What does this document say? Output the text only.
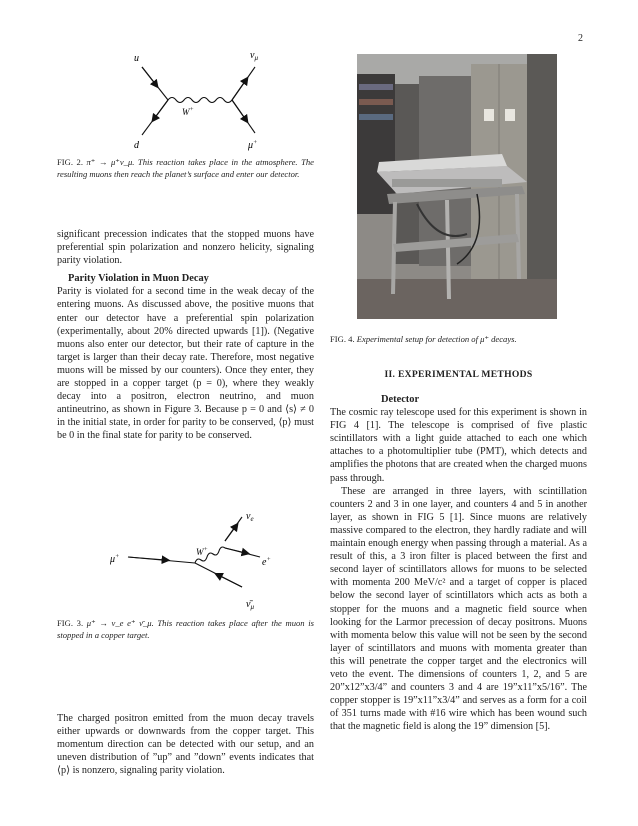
2
u	$\nu_\mu$
W+
d	μ+
FIG. 2. π⁺ → μ⁺ν_μ. This reaction takes place in the atmosphere. The resulting muons then reach the planet’s surface and enter our detector.

significant precession indicates that the stopped muons have preferential spin polarization and nonzero helicity, signaling parity violation.

Parity Violation in Muon Decay

Parity is violated for a second time in the weak decay of the entering muons. As discussed above, the positive muons that enter our detector have a preferential spin polarization (experimentally, about 20% directed upwards [1]). (Negative muons also enter our detector, but their rate of capture in the target is larger than their decay rate. Therefore, most negative muons will be missed by our counters). Once they enter, they are stopped in a copper target (p = 0), where they weakly decay into a positron, electron neutrino, and muon antineutrino, as shown in Figure 3. Because p = 0 and ⟨s⟩ ≠ 0 in the initial state, in order for parity to be conserved, ⟨p⟩ must be 0 in the final state for parity to be conserved.

μ+	W+
$\nu_e$
e+
$\nū_\mu$
FIG. 3. μ⁺ → ν_e e⁺ ν̄_μ. This reaction takes place after the muon is stopped in a copper target.

The charged positron emitted from the muon decay travels either upwards or downwards from the copper target. This momentum direction can be detected with our setup, and an uneven distribution of ”up” and ”down” events indicates that ⟨p⟩ is nonzero, signaling parity violation.

FIG. 4. Experimental setup for detection of μ⁺ decays.
II. EXPERIMENTAL METHODS

Detector

The cosmic ray telescope used for this experiment is shown in FIG 4 [1]. The telescope is comprised of five plastic scintillators with a light guide attached to each one which attaches to a photomultiplier tube (PMT), which detects and amplifies the photons that are created when the charged muons pass through.

These are arranged in three layers, with scintillation counters 2 and 3 in one layer, and counters 4 and 5 in another layer, as shown in FIG 5 [1]. Since muons are relatively massive compared to the electron, they hardly radiate and will maintain enough energy when passing through a material. As a result of this, a 3 iron filter is placed between the first and second layer of scintillators allows for muons to be selected with momenta 200 MeV/c² and a target of copper is placed below the second layer of scintillators which acts as both a stopper for the muons and a magnetic field source when looking for the Larmor precession of decay positrons. Muons with momenta below this value will not be seen by the second layer of scintillators and muons with momenta greater than this will penetrate the copper target and the electronics will veto the event. The dimensions of counters 1, 2, and 5 are 20”x12”x3/4” and counters 3 and 4 are 19”x11”x5/16”. The copper stopper is 19”x11”x3/4” and serves as a form for a coil of 351 turns made with #16 wire which has been wound such that the magnetic field is along the 19” dimension [5].
